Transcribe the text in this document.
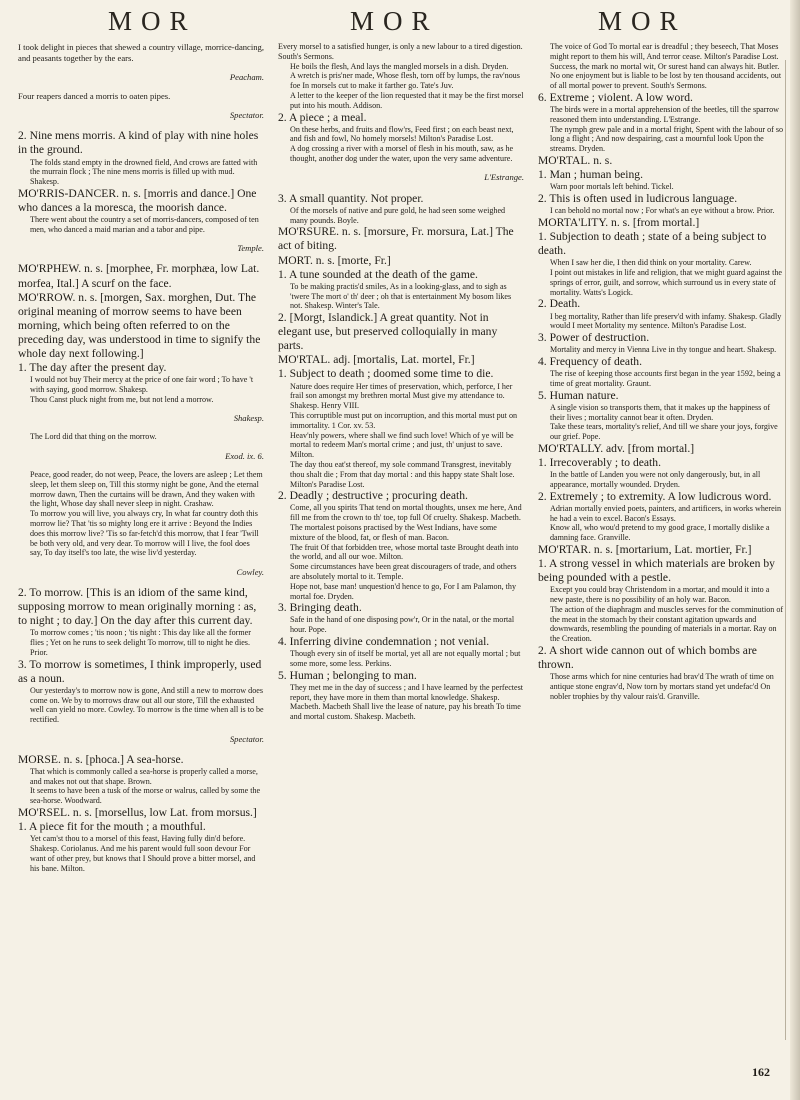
MOR	MOR	MOR

I took delight in pieces that shewed a country village, morrice-dancing, and peasants together by the ears.

Peacham.

Four reapers danced a morris to oaten pipes.

Spectator.

2. Nine mens morris. A kind of play with nine holes in the ground.

The folds stand empty in the drowned field, And crows are fatted with the murrain flock ; The nine mens morris is filled up with mud. Shakesp.

MO'RRIS-DANCER. n. s. [morris and dance.] One who dances a la moresca, the moorish dance.

There went about the country a set of morris-dancers, composed of ten men, who danced a maid marian and a tabor and pipe.

Temple.

MO'RPHEW. n. s. [morphee, Fr. morphæa, low Lat. morfea, Ital.] A scurf on the face.

MO'RROW. n. s. [morgen, Sax. morghen, Dut. The original meaning of morrow seems to have been morning, which being often referred to on the preceding day, was understood in time to signify the whole day next following.]

1. The day after the present day.

I would not buy Their mercy at the price of one fair word ; To have 't with saying, good morrow. Shakesp.

Thou Canst pluck night from me, but not lend a morrow.

Shakesp.

The Lord did that thing on the morrow.

Exod. ix. 6.

Peace, good reader, do not weep, Peace, the lovers are asleep ; Let them sleep, let them sleep on, Till this stormy night be gone, And the eternal morrow dawn, Then the curtains will be drawn, And they waken with the light, Whose day shall never sleep in night. Crashaw.

To morrow you will live, you always cry, In what far country doth this morrow lie? That 'tis so mighty long ere it arrive : Beyond the Indies does this morrow live? 'Tis so far-fetch'd this morrow, that I fear 'Twill be both very old, and very dear. To morrow will I live, the fool does say, To day itself's too late, the wise liv'd yesterday.

Cowley.

2. To morrow. [This is an idiom of the same kind, supposing morrow to mean originally morning : as, to night ; to day.] On the day after this current day.

To morrow comes ; 'tis noon ; 'tis night : This day like all the former flies ; Yet on he runs to seek delight To morrow, till to night he dies. Prior.

3. To morrow is sometimes, I think improperly, used as a noun.

Our yesterday's to morrow now is gone, And still a new to morrow does come on. We by to morrows draw out all our store, Till the exhausted well can yield no more. Cowley. To morrow is the time when all is to be rectified.

Spectator.

MORSE. n. s. [phoca.] A sea-horse.

That which is commonly called a sea-horse is properly called a morse, and makes not out that shape. Brown.

It seems to have been a tusk of the morse or walrus, called by some the sea-horse. Woodward.

MO'RSEL. n. s. [morsellus, low Lat. from morsus.]

1. A piece fit for the mouth ; a mouthful.

Yet cam'st thou to a morsel of this feast, Having fully din'd before. Shakesp. Coriolanus. And me his parent would full soon devour For want of other prey, but knows that I Should prove a bitter morsel, and his bane. Milton.

Every morsel to a satisfied hunger, is only a new labour to a tired digestion. South's Sermons.

He boils the flesh, And lays the mangled morsels in a dish. Dryden.

A wretch is pris'ner made, Whose flesh, torn off by lumps, the rav'nous foe In morsels cut to make it farther go. Tate's Juv.

A letter to the keeper of the lion requested that it may be the first morsel put into his mouth. Addison.

2. A piece ; a meal.

On these herbs, and fruits and flow'rs, Feed first ; on each beast next, and fish and fowl, No homely morsels! Milton's Paradise Lost.

A dog crossing a river with a morsel of flesh in his mouth, saw, as he thought, another dog under the water, upon the very same adventure.

L'Estrange.

3. A small quantity. Not proper.

Of the morsels of native and pure gold, he had seen some weighed many pounds. Boyle.

MO'RSURE. n. s. [morsure, Fr. morsura, Lat.] The act of biting.

MORT. n. s. [morte, Fr.]

1. A tune sounded at the death of the game.

To be making practis'd smiles, As in a looking-glass, and to sigh as 'twere The mort o' th' deer ; oh that is entertainment My bosom likes not. Shakesp. Winter's Tale.

2. [Morgt, Islandick.] A great quantity. Not in elegant use, but preserved colloquially in many parts.

MO'RTAL. adj. [mortalis, Lat. mortel, Fr.]

1. Subject to death ; doomed some time to die.

Nature does require Her times of preservation, which, perforce, I her frail son amongst my brethren mortal Must give my attendance to. Shakesp. Henry VIII.

This corruptible must put on incorruption, and this mortal must put on immortality. 1 Cor. xv. 53.

Heav'nly powers, where shall we find such love! Which of ye will be mortal to redeem Man's mortal crime ; and just, th' unjust to save. Milton.

The day thou eat'st thereof, my sole command Transgrest, inevitably thou shalt die ; From that day mortal : and this happy state Shalt lose. Milton's Paradise Lost.

2. Deadly ; destructive ; procuring death.

Come, all you spirits That tend on mortal thoughts, unsex me here, And fill me from the crown to th' toe, top full Of cruelty. Shakesp. Macbeth.

The mortalest poisons practised by the West Indians, have some mixture of the blood, fat, or flesh of man. Bacon.

The fruit Of that forbidden tree, whose mortal taste Brought death into the world, and all our woe. Milton.

Some circumstances have been great discouragers of trade, and others are absolutely mortal to it. Temple.

Hope not, base man! unquestion'd hence to go, For I am Palamon, thy mortal foe. Dryden.

3. Bringing death.

Safe in the hand of one disposing pow'r, Or in the natal, or the mortal hour. Pope.

4. Inferring divine condemnation ; not venial.

Though every sin of itself be mortal, yet all are not equally mortal ; but some more, some less. Perkins.

5. Human ; belonging to man.

They met me in the day of success ; and I have learned by the perfectest report, they have more in them than mortal knowledge. Shakesp. Macbeth. Macbeth Shall live the lease of nature, pay his breath To time and mortal custom. Shakesp. Macbeth.

The voice of God To mortal ear is dreadful ; they beseech, That Moses might report to them his will, And terror cease. Milton's Paradise Lost.

Success, the mark no mortal wit, Or surest hand can always hit. Butler.

No one enjoyment but is liable to be lost by ten thousand accidents, out of all mortal power to prevent. South's Sermons.

6. Extreme ; violent. A low word.

The birds were in a mortal apprehension of the beetles, till the sparrow reasoned them into understanding. L'Estrange.

The nymph grew pale and in a mortal fright, Spent with the labour of so long a flight ; And now despairing, cast a mournful look Upon the streams. Dryden.

MO'RTAL. n. s.

1. Man ; human being.

Warn poor mortals left behind. Tickel.

2. This is often used in ludicrous language.

I can behold no mortal now ; For what's an eye without a brow. Prior.

MORTA'LITY. n. s. [from mortal.]

1. Subjection to death ; state of a being subject to death.

When I saw her die, I then did think on your mortality. Carew.

I point out mistakes in life and religion, that we might guard against the springs of error, guilt, and sorrow, which surround us in every state of mortality. Watts's Logick.

2. Death.

I beg mortality, Rather than life preserv'd with infamy. Shakesp. Gladly would I meet Mortality my sentence. Milton's Paradise Lost.

3. Power of destruction.

Mortality and mercy in Vienna Live in thy tongue and heart. Shakesp.

4. Frequency of death.

The rise of keeping those accounts first began in the year 1592, being a time of great mortality. Graunt.

5. Human nature.

A single vision so transports them, that it makes up the happiness of their lives ; mortality cannot bear it often. Dryden.

Take these tears, mortality's relief, And till we share your joys, forgive our grief. Pope.

MO'RTALLY. adv. [from mortal.]

1. Irrecoverably ; to death.

In the battle of Landen you were not only dangerously, but, in all appearance, mortally wounded. Dryden.

2. Extremely ; to extremity. A low ludicrous word.

Adrian mortally envied poets, painters, and artificers, in works wherein he had a vein to excel. Bacon's Essays.

Know all, who wou'd pretend to my good grace, I mortally dislike a damning face. Granville.

MO'RTAR. n. s. [mortarium, Lat. mortier, Fr.]

1. A strong vessel in which materials are broken by being pounded with a pestle.

Except you could bray Christendom in a mortar, and mould it into a new paste, there is no possibility of an holy war. Bacon.

The action of the diaphragm and muscles serves for the comminution of the meat in the stomach by their constant agitation upwards and downwards, resembling the pounding of materials in a mortar. Ray on the Creation.

2. A short wide cannon out of which bombs are thrown.

Those arms which for nine centuries had brav'd The wrath of time on antique stone engrav'd, Now torn by mortars stand yet undefac'd On nobler trophies by thy valour rais'd. Granville.

162
